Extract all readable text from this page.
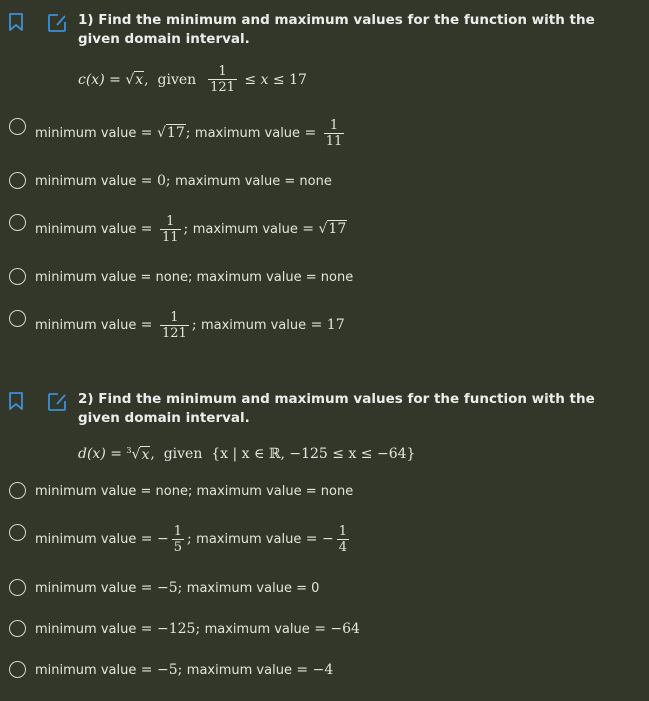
1) Find the minimum and maximum values for the function with the given domain interval.
c(x) = √x , given
$\frac{1}{121} \le x \le 17$
minimum value = √17 ; maximum value = $\frac{1}{11}$
minimum value = 0 ; maximum value = none
minimum value = $\frac{1}{11}$ ; maximum value = √17
minimum value = none ; maximum value = none
minimum value = $\frac{1}{121}$ ; maximum value = 17
2) Find the minimum and maximum values for the function with the given domain interval.
d(x) = $^3$√x , given
{x | x ∈ ℝ, −125 ≤ x ≤ −64}
minimum value = none ; maximum value = none
minimum value = − $\frac{1}{5}$ ; maximum value = − $\frac{1}{4}$
minimum value = −5 ; maximum value = 0
minimum value = −125 ; maximum value = −64
minimum value = −5 ; maximum value = −4
